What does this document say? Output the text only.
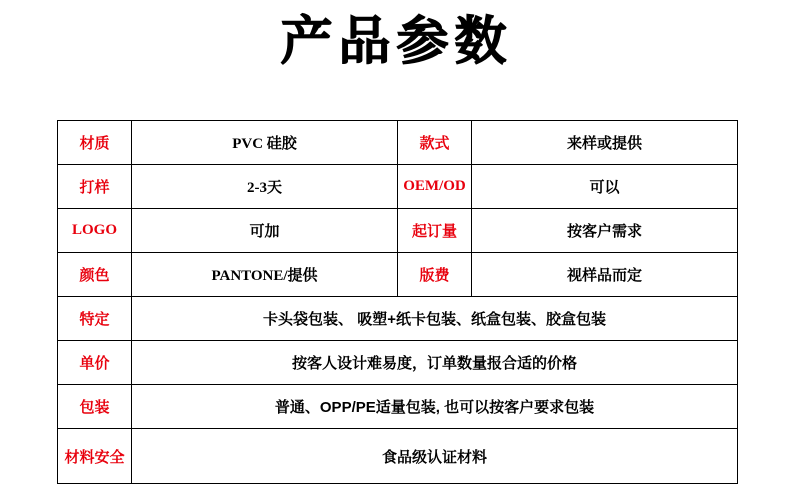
产品参数
材质	PVC 硅胶	款式	来样或提供
打样	2-3天	OEM/OD	可以
LOGO	可加	起订量	按客户需求
颜色	PANTONE/提供	版费	视样品而定
特定	卡头袋包装、 吸塑+纸卡包装、纸盒包装、胶盒包装		
单价	按客人设计难易度，订单数量报合适的价格		
包装	普通、OPP/PE适量包装, 也可以按客户要求包装		
材料安全	食品级认证材料		
